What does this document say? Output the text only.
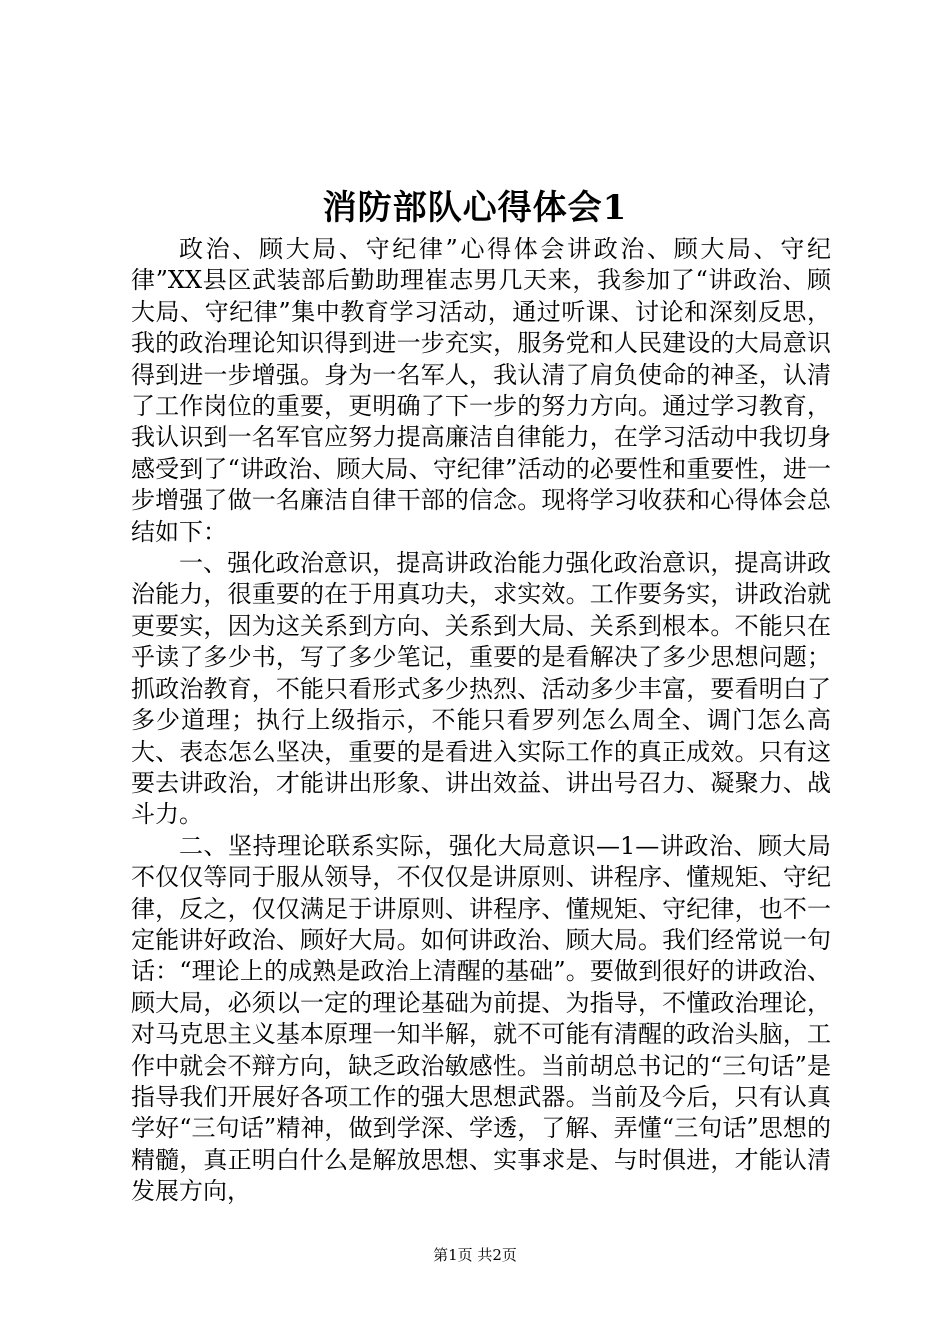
消防部队心得体会1

政治、顾大局、守纪律”心得体会讲政治、顾大局、守纪律”XX县区武装部后勤助理崔志男几天来，我参加了“讲政治、顾大局、守纪律”集中教育学习活动，通过听课、讨论和深刻反思，我的政治理论知识得到进一步充实，服务党和人民建设的大局意识得到进一步增强。身为一名军人，我认清了肩负使命的神圣，认清了工作岗位的重要，更明确了下一步的努力方向。通过学习教育，我认识到一名军官应努力提高廉洁自律能力，在学习活动中我切身感受到了“讲政治、顾大局、守纪律”活动的必要性和重要性，进一步增强了做一名廉洁自律干部的信念。现将学习收获和心得体会总结如下：

一、强化政治意识，提高讲政治能力强化政治意识，提高讲政治能力，很重要的在于用真功夫，求实效。工作要务实，讲政治就更要实，因为这关系到方向、关系到大局、关系到根本。不能只在乎读了多少书，写了多少笔记，重要的是看解决了多少思想问题；抓政治教育，不能只看形式多少热烈、活动多少丰富，要看明白了多少道理；执行上级指示，不能只看罗列怎么周全、调门怎么高大、表态怎么坚决，重要的是看进入实际工作的真正成效。只有这要去讲政治，才能讲出形象、讲出效益、讲出号召力、凝聚力、战斗力。

二、坚持理论联系实际，强化大局意识—1—讲政治、顾大局不仅仅等同于服从领导，不仅仅是讲原则、讲程序、懂规矩、守纪律，反之，仅仅满足于讲原则、讲程序、懂规矩、守纪律，也不一定能讲好政治、顾好大局。如何讲政治、顾大局。我们经常说一句话：“理论上的成熟是政治上清醒的基础”。要做到很好的讲政治、顾大局，必须以一定的理论基础为前提、为指导，不懂政治理论，对马克思主义基本原理一知半解，就不可能有清醒的政治头脑，工作中就会不辩方向，缺乏政治敏感性。当前胡总书记的“三句话”是指导我们开展好各项工作的强大思想武器。当前及今后，只有认真学好“三句话”精神，做到学深、学透，了解、弄懂“三句话”思想的精髓，真正明白什么是解放思想、实事求是、与时俱进，才能认清发展方向，

第1页 共2页
